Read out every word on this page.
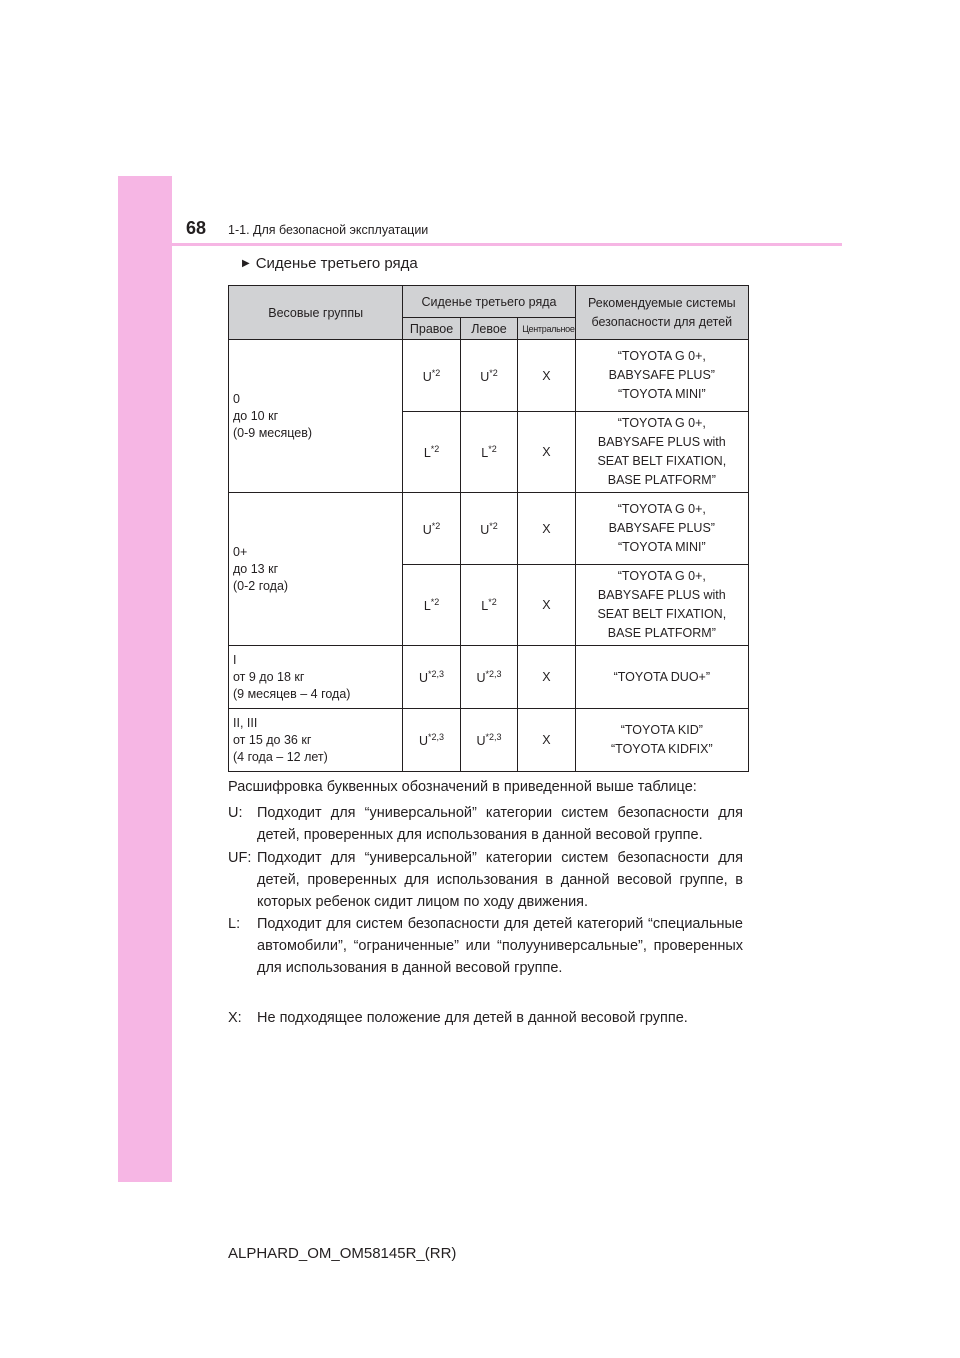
68 1-1. Для безопасной эксплуатации
▶ Сиденье третьего ряда
Весовые группы	Сиденье третьего ряда			Рекомендуемые системы безопасности для детей
	Правое	Левое	Центральное	
0
до 10 кг
(0-9 месяцев)	$U^{*2}$	$U^{*2}$	X	“TOYOTA G 0+,
BABYSAFE PLUS”
“TOYOTA MINI”
	$L^{*2}$	$L^{*2}$	X	“TOYOTA G 0+,
BABYSAFE PLUS with
SEAT BELT FIXATION,
BASE PLATFORM”
0+
до 13 кг
(0-2 года)	$U^{*2}$	$U^{*2}$	X	“TOYOTA G 0+,
BABYSAFE PLUS”
“TOYOTA MINI”
	$L^{*2}$	$L^{*2}$	X	“TOYOTA G 0+,
BABYSAFE PLUS with
SEAT BELT FIXATION,
BASE PLATFORM”
I
от 9 до 18 кг
(9 месяцев – 4 года)	U$^{*2,3}$	U$^{*2,3}$	X	“TOYOTA DUO+”
II, III
от 15 до 36 кг
(4 года – 12 лет)	U$^{*2,3}$	U$^{*2,3}$	X	“TOYOTA KID”
“TOYOTA KIDFIX”
Расшифровка буквенных обозначений в приведенной выше таблице:
U: Подходит для “универсальной” категории систем безопасности для детей, проверенных для использования в данной весовой группе.
UF: Подходит для “универсальной” категории систем безопасности для детей, проверенных для использования в данной весовой группе, в которых ребенок сидит лицом по ходу движения.
L: Подходит для систем безопасности для детей категорий “специальные автомобили”, “ограниченные” или “полууниверсальные”, проверенных для использования в данной весовой группе.
X: Не подходящее положение для детей в данной весовой группе.
ALPHARD_OM_OM58145R_(RR)
